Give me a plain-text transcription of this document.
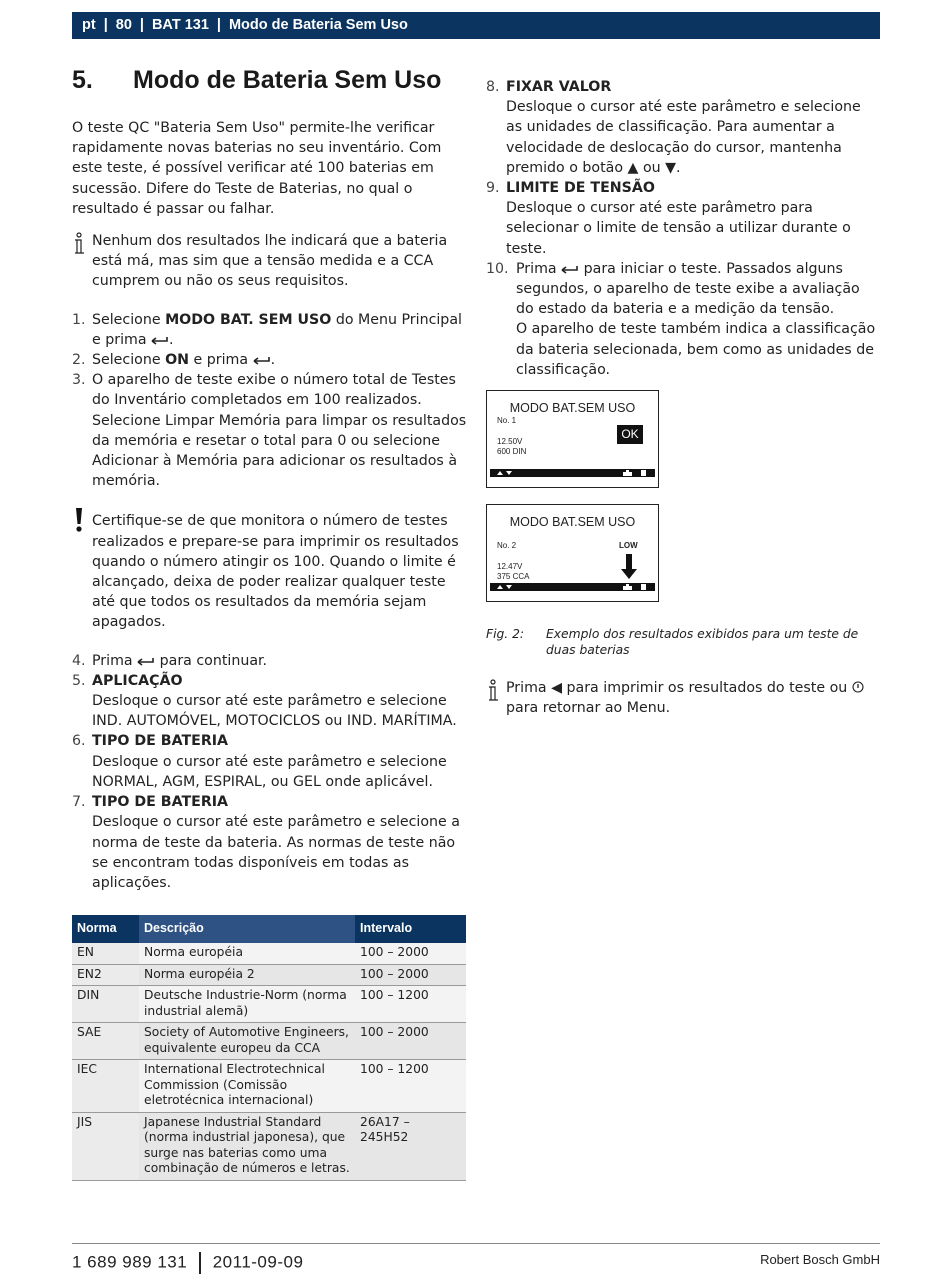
pt | 80 | BAT 131 | Modo de Bateria Sem Uso
5.	Modo de Bateria Sem Uso

O teste QC "Bateria Sem Uso" permite-lhe verificar rapidamente novas baterias no seu inventário. Com este teste, é possível verificar até 100 baterias em sucessão. Difere do Teste de Baterias, no qual o resultado é passar ou falhar.

Nenhum dos resultados lhe indicará que a bateria está má, mas sim que a tensão medida e a CCA cumprem ou não os seus requisitos.

1. Selecione MODO BAT. SEM USO do Menu Principal e prima .
2. Selecione ON e prima .
3. O aparelho de teste exibe o número total de Testes do Inventário completados em 100 realizados. Selecione Limpar Memória para limpar os resultados da memória e resetar o total para 0 ou selecione Adicionar à Memória para adicionar os resultados à memória.

Certifique-se de que monitora o número de testes realizados e prepare-se para imprimir os resultados quando o número atingir os 100. Quando o limite é alcançado, deixa de poder realizar qualquer teste até que todos os resultados da memória sejam apagados.

4. Prima  para continuar.
5. APLICAÇÃO
Desloque o cursor até este parâmetro e selecione IND. AUTOMÓVEL, MOTOCICLOS ou IND. MARÍTIMA.
6. TIPO DE BATERIA
Desloque o cursor até este parâmetro e selecione NORMAL, AGM, ESPIRAL, ou GEL onde aplicável.
7. TIPO DE BATERIA
Desloque o cursor até este parâmetro e selecione a norma de teste da bateria. As normas de teste não se encontram todas disponíveis em todas as aplicações.
Norma	Descrição	Intervalo
EN	Norma européia	100 – 2000
EN2	Norma européia 2	100 – 2000
DIN	Deutsche Industrie-Norm (norma industrial alemã)	100 – 1200
SAE	Society of Automotive Engineers, equivalente europeu da CCA	100 – 2000
IEC	International Electrotechnical Commission (Comissão eletrotécnica internacional)	100 – 1200
JIS	Japanese Industrial Standard (norma industrial japonesa), que surge nas baterias como uma combinação de números e letras.	26A17 – 245H52
8. FIXAR VALOR
Desloque o cursor até este parâmetro e selecione as unidades de classificação. Para aumentar a velocidade de deslocação do cursor, mantenha premido o botão ▲ ou ▼.
9. LIMITE DE TENSÃO
Desloque o cursor até este parâmetro para selecionar o limite de tensão a utilizar durante o teste.
10. Prima  para iniciar o teste. Passados alguns segundos, o aparelho de teste exibe a avaliação do estado da bateria e a medição da tensão.
O aparelho de teste também indica a classificação da bateria selecionada, bem como as unidades de classificação.
MODO BAT.SEM USO
No. 1
12.50V
600 DIN
OK
MODO BAT.SEM USO
No. 2
12.47V
375 CCA
LOW
Fig. 2:	Exemplo dos resultados exibidos para um teste de duas baterias

Prima ◀ para imprimir os resultados do teste ou  para retornar ao Menu.

1 689 989 131 2011-09-09	Robert Bosch GmbH
